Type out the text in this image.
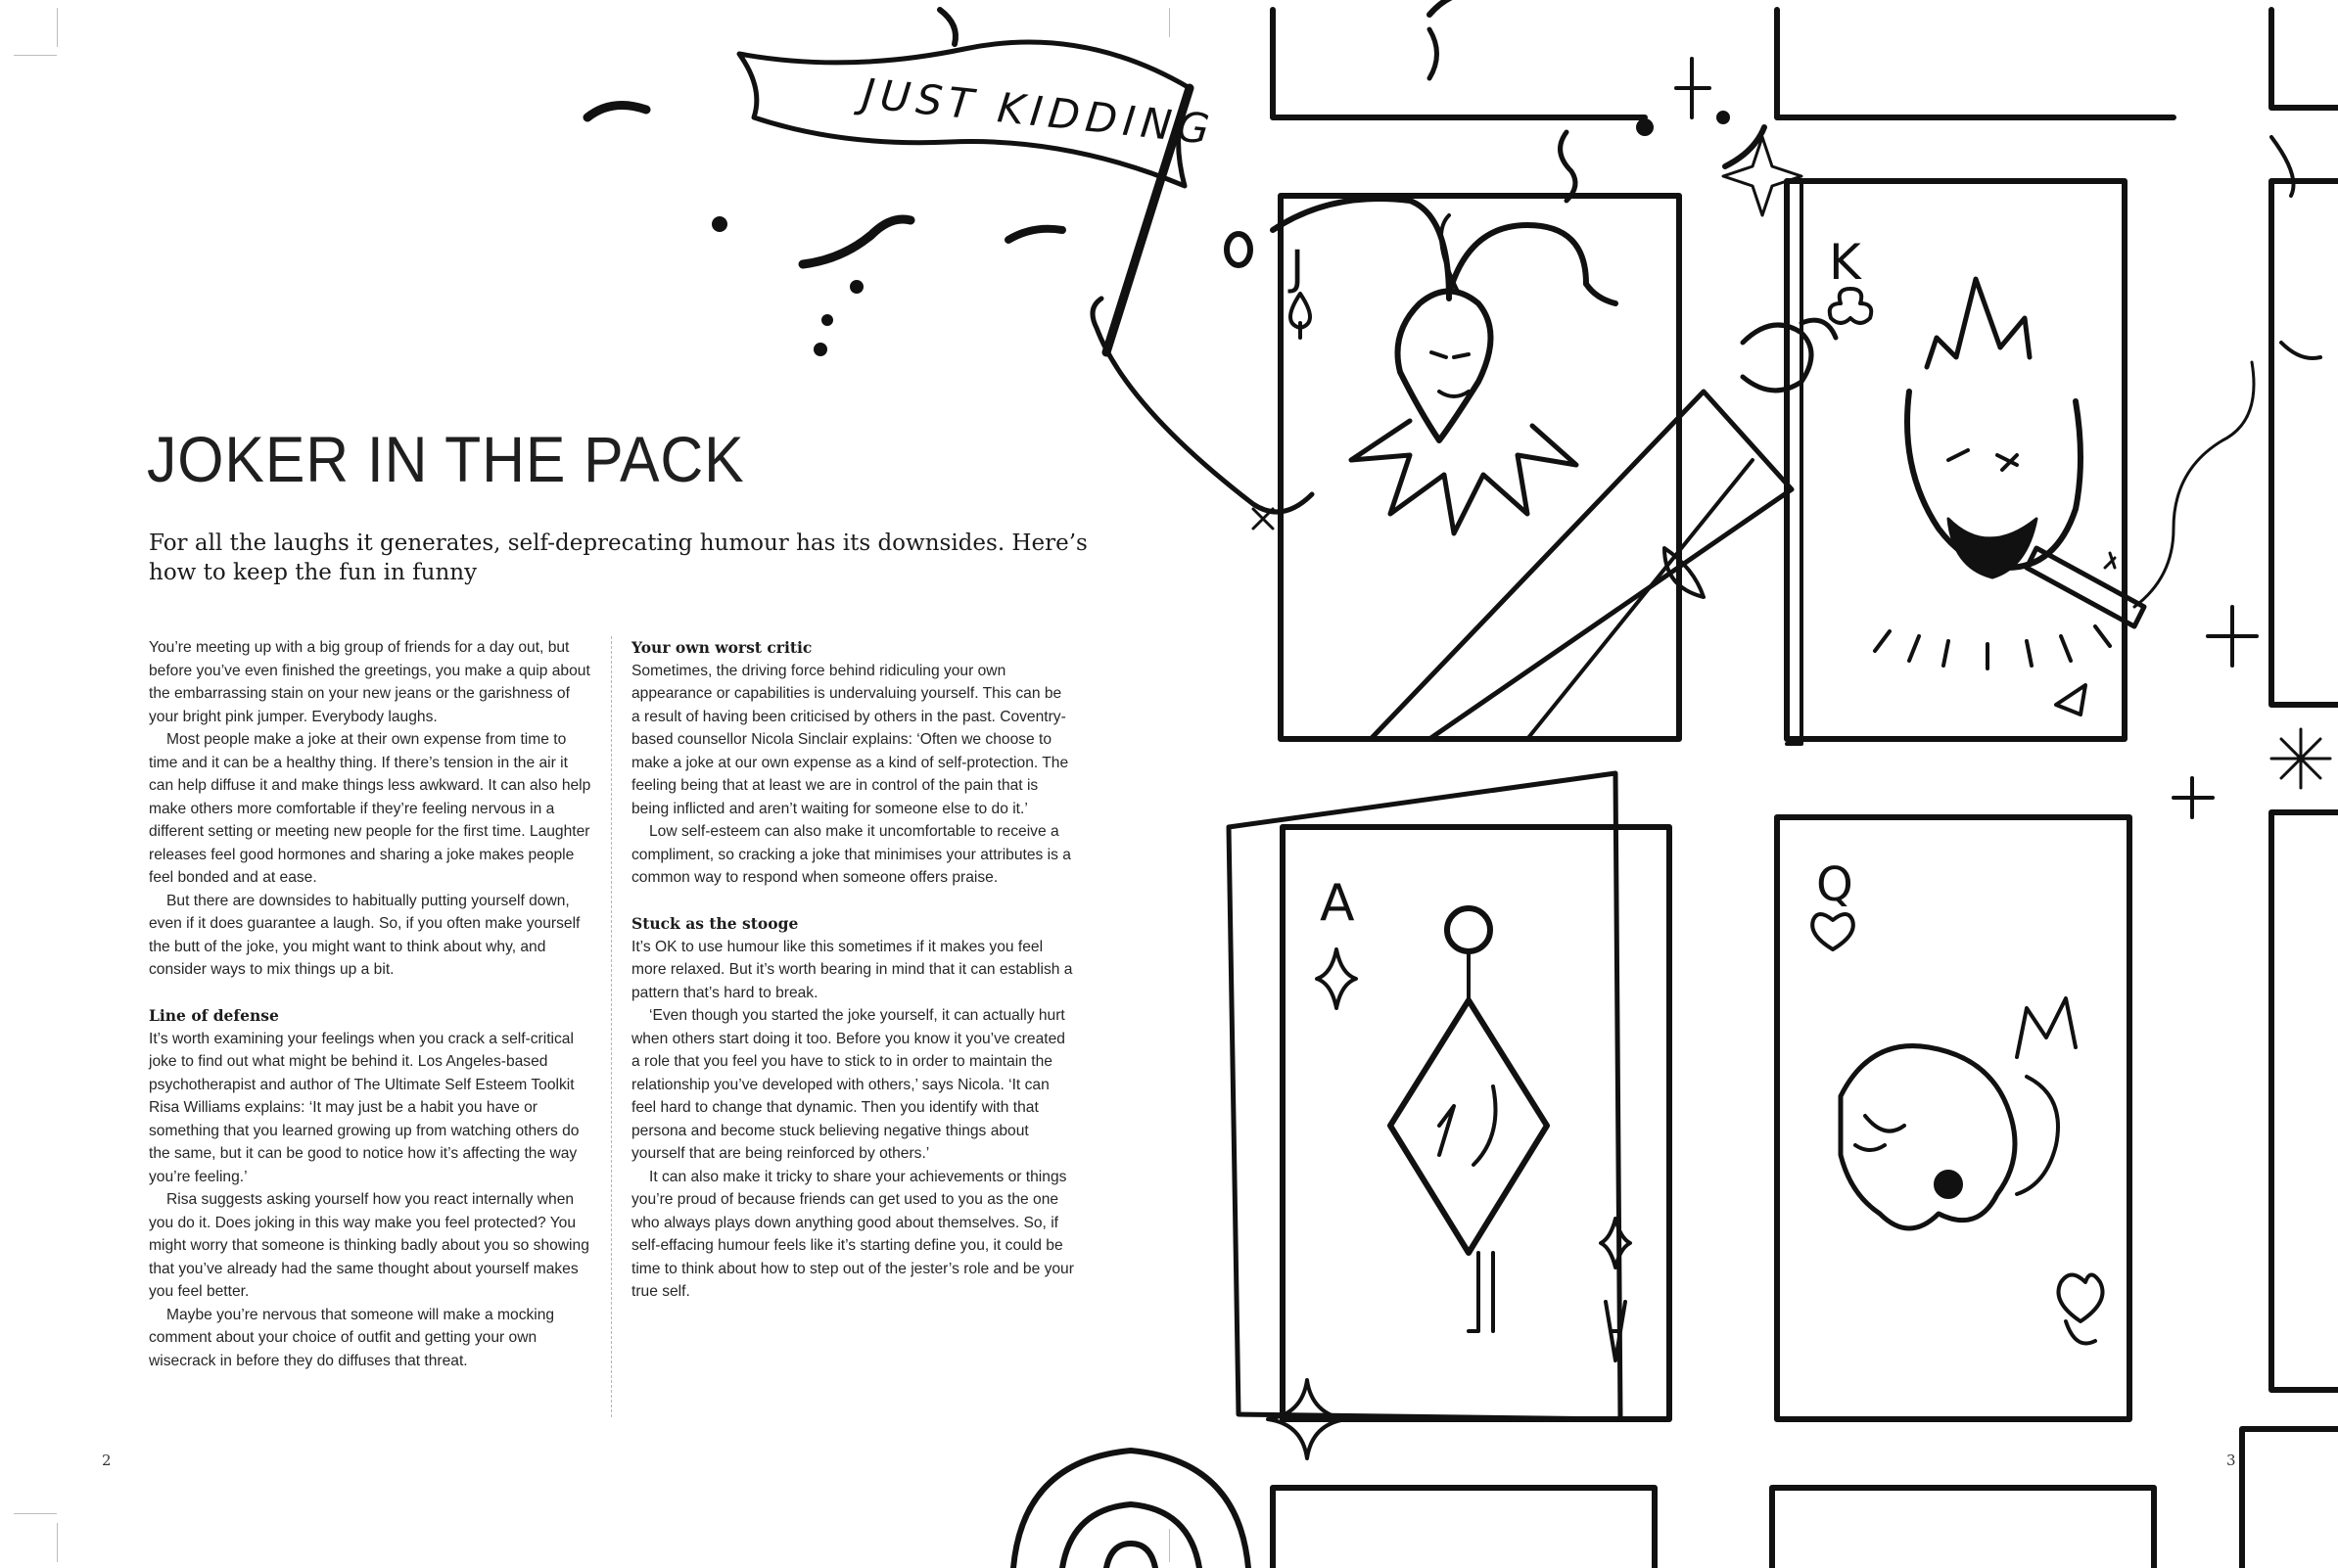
JOKER IN THE PACK

For all the laughs it generates, self-deprecating humour has its downsides. Here’s how to keep the fun in funny

You’re meeting up with a big group of friends for a day out, but before you’ve even finished the greetings, you make a quip about the embarrassing stain on your new jeans or the garishness of your bright pink jumper. Everybody laughs.

Most people make a joke at their own expense from time to time and it can be a healthy thing. If there’s tension in the air it can help diffuse it and make things less awkward. It can also help make others more comfortable if they’re feeling nervous in a different setting or meeting new people for the first time. Laughter releases feel good hormones and sharing a joke makes people feel bonded and at ease.

But there are downsides to habitually putting yourself down, even if it does guarantee a laugh. So, if you often make yourself the butt of the joke, you might want to think about why, and consider ways to mix things up a bit.

Line of defense

It’s worth examining your feelings when you crack a self-critical joke to find out what might be behind it. Los Angeles-based psychotherapist and author of The Ultimate Self Esteem Toolkit Risa Williams explains: ‘It may just be a habit you have or something that you learned growing up from watching others do the same, but it can be good to notice how it’s affecting the way you’re feeling.’

Risa suggests asking yourself how you react internally when you do it. Does joking in this way make you feel protected? You might worry that someone is thinking badly about you so showing that you’ve already had the same thought about yourself makes you feel better.

Maybe you’re nervous that someone will make a mocking comment about your choice of outfit and getting your own wisecrack in before they do diffuses that threat.

Your own worst critic

Sometimes, the driving force behind ridiculing your own appearance or capabilities is undervaluing yourself. This can be a result of having been criticised by others in the past. Coventry-based counsellor Nicola Sinclair explains: ‘Often we choose to make a joke at our own expense as a kind of self-protection. The feeling being that at least we are in control of the pain that is being inflicted and aren’t waiting for someone else to do it.’

Low self-esteem can also make it uncomfortable to receive a compliment, so cracking a joke that minimises your attributes is a common way to respond when someone offers praise.

Stuck as the stooge

It’s OK to use humour like this sometimes if it makes you feel more relaxed. But it’s worth bearing in mind that it can establish a pattern that’s hard to break.

‘Even though you started the joke yourself, it can actually hurt when others start doing it too. Before you know it you’ve created a role that you feel you have to stick to in order to maintain the relationship you’ve developed with others,’ says Nicola. ‘It can feel hard to change that dynamic. Then you identify with that persona and become stuck believing negative things about yourself that are being reinforced by others.’

It can also make it tricky to share your achievements or things you’re proud of because friends can get used to you as the one who always plays down anything good about themselves. So, if self-effacing humour feels like it’s starting define you, it could be time to think about how to step out of the jester’s role and be your true self.

2	3
JUST KIDDING
J	K
A	Q
